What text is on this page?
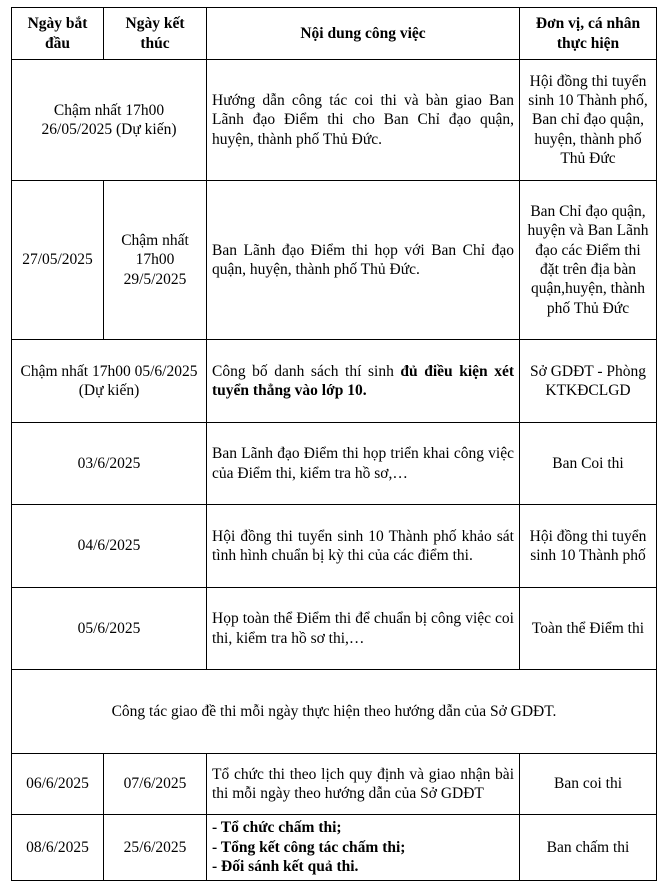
Ngày bắt đầu	Ngày kết thúc	Nội dung công việc	Đơn vị, cá nhân thực hiện
Chậm nhất 17h00 26/05/2025 (Dự kiến)		Hướng dẫn công tác coi thi và bàn giao Ban Lãnh đạo Điểm thi cho Ban Chỉ đạo quận, huyện, thành phố Thủ Đức.	Hội đồng thi tuyển sinh 10 Thành phố, Ban chỉ đạo quận, huyện, thành phố Thủ Đức
27/05/2025	Chậm nhất 17h00 29/5/2025	Ban Lãnh đạo Điểm thi họp với Ban Chỉ đạo quận, huyện, thành phố Thủ Đức.	Ban Chỉ đạo quận, huyện và Ban Lãnh đạo các Điểm thi đặt trên địa bàn quận,huyện, thành phố Thủ Đức
Chậm nhất 17h00 05/6/2025 (Dự kiến)		Công bố danh sách thí sinh đủ điều kiện xét tuyển thẳng vào lớp 10.	Sở GDĐT - Phòng KTKĐCLGD
03/6/2025		Ban Lãnh đạo Điểm thi họp triển khai công việc của Điểm thi, kiểm tra hồ sơ,…	Ban Coi thi
04/6/2025		Hội đồng thi tuyển sinh 10 Thành phố khảo sát tình hình chuẩn bị kỳ thi của các điểm thi.	Hội đồng thi tuyển sinh 10 Thành phố
05/6/2025		Họp toàn thể Điểm thi để chuẩn bị công việc coi thi, kiểm tra hồ sơ thi,…	Toàn thể Điểm thi
Công tác giao đề thi mỗi ngày thực hiện theo hướng dẫn của Sở GDĐT.			
06/6/2025	07/6/2025	Tổ chức thi theo lịch quy định và giao nhận bài thi mỗi ngày theo hướng dẫn của Sở GDĐT	Ban coi thi
08/6/2025	25/6/2025	- Tổ chức chấm thi;
- Tổng kết công tác chấm thi;
- Đối sánh kết quả thi.	Ban chấm thi
